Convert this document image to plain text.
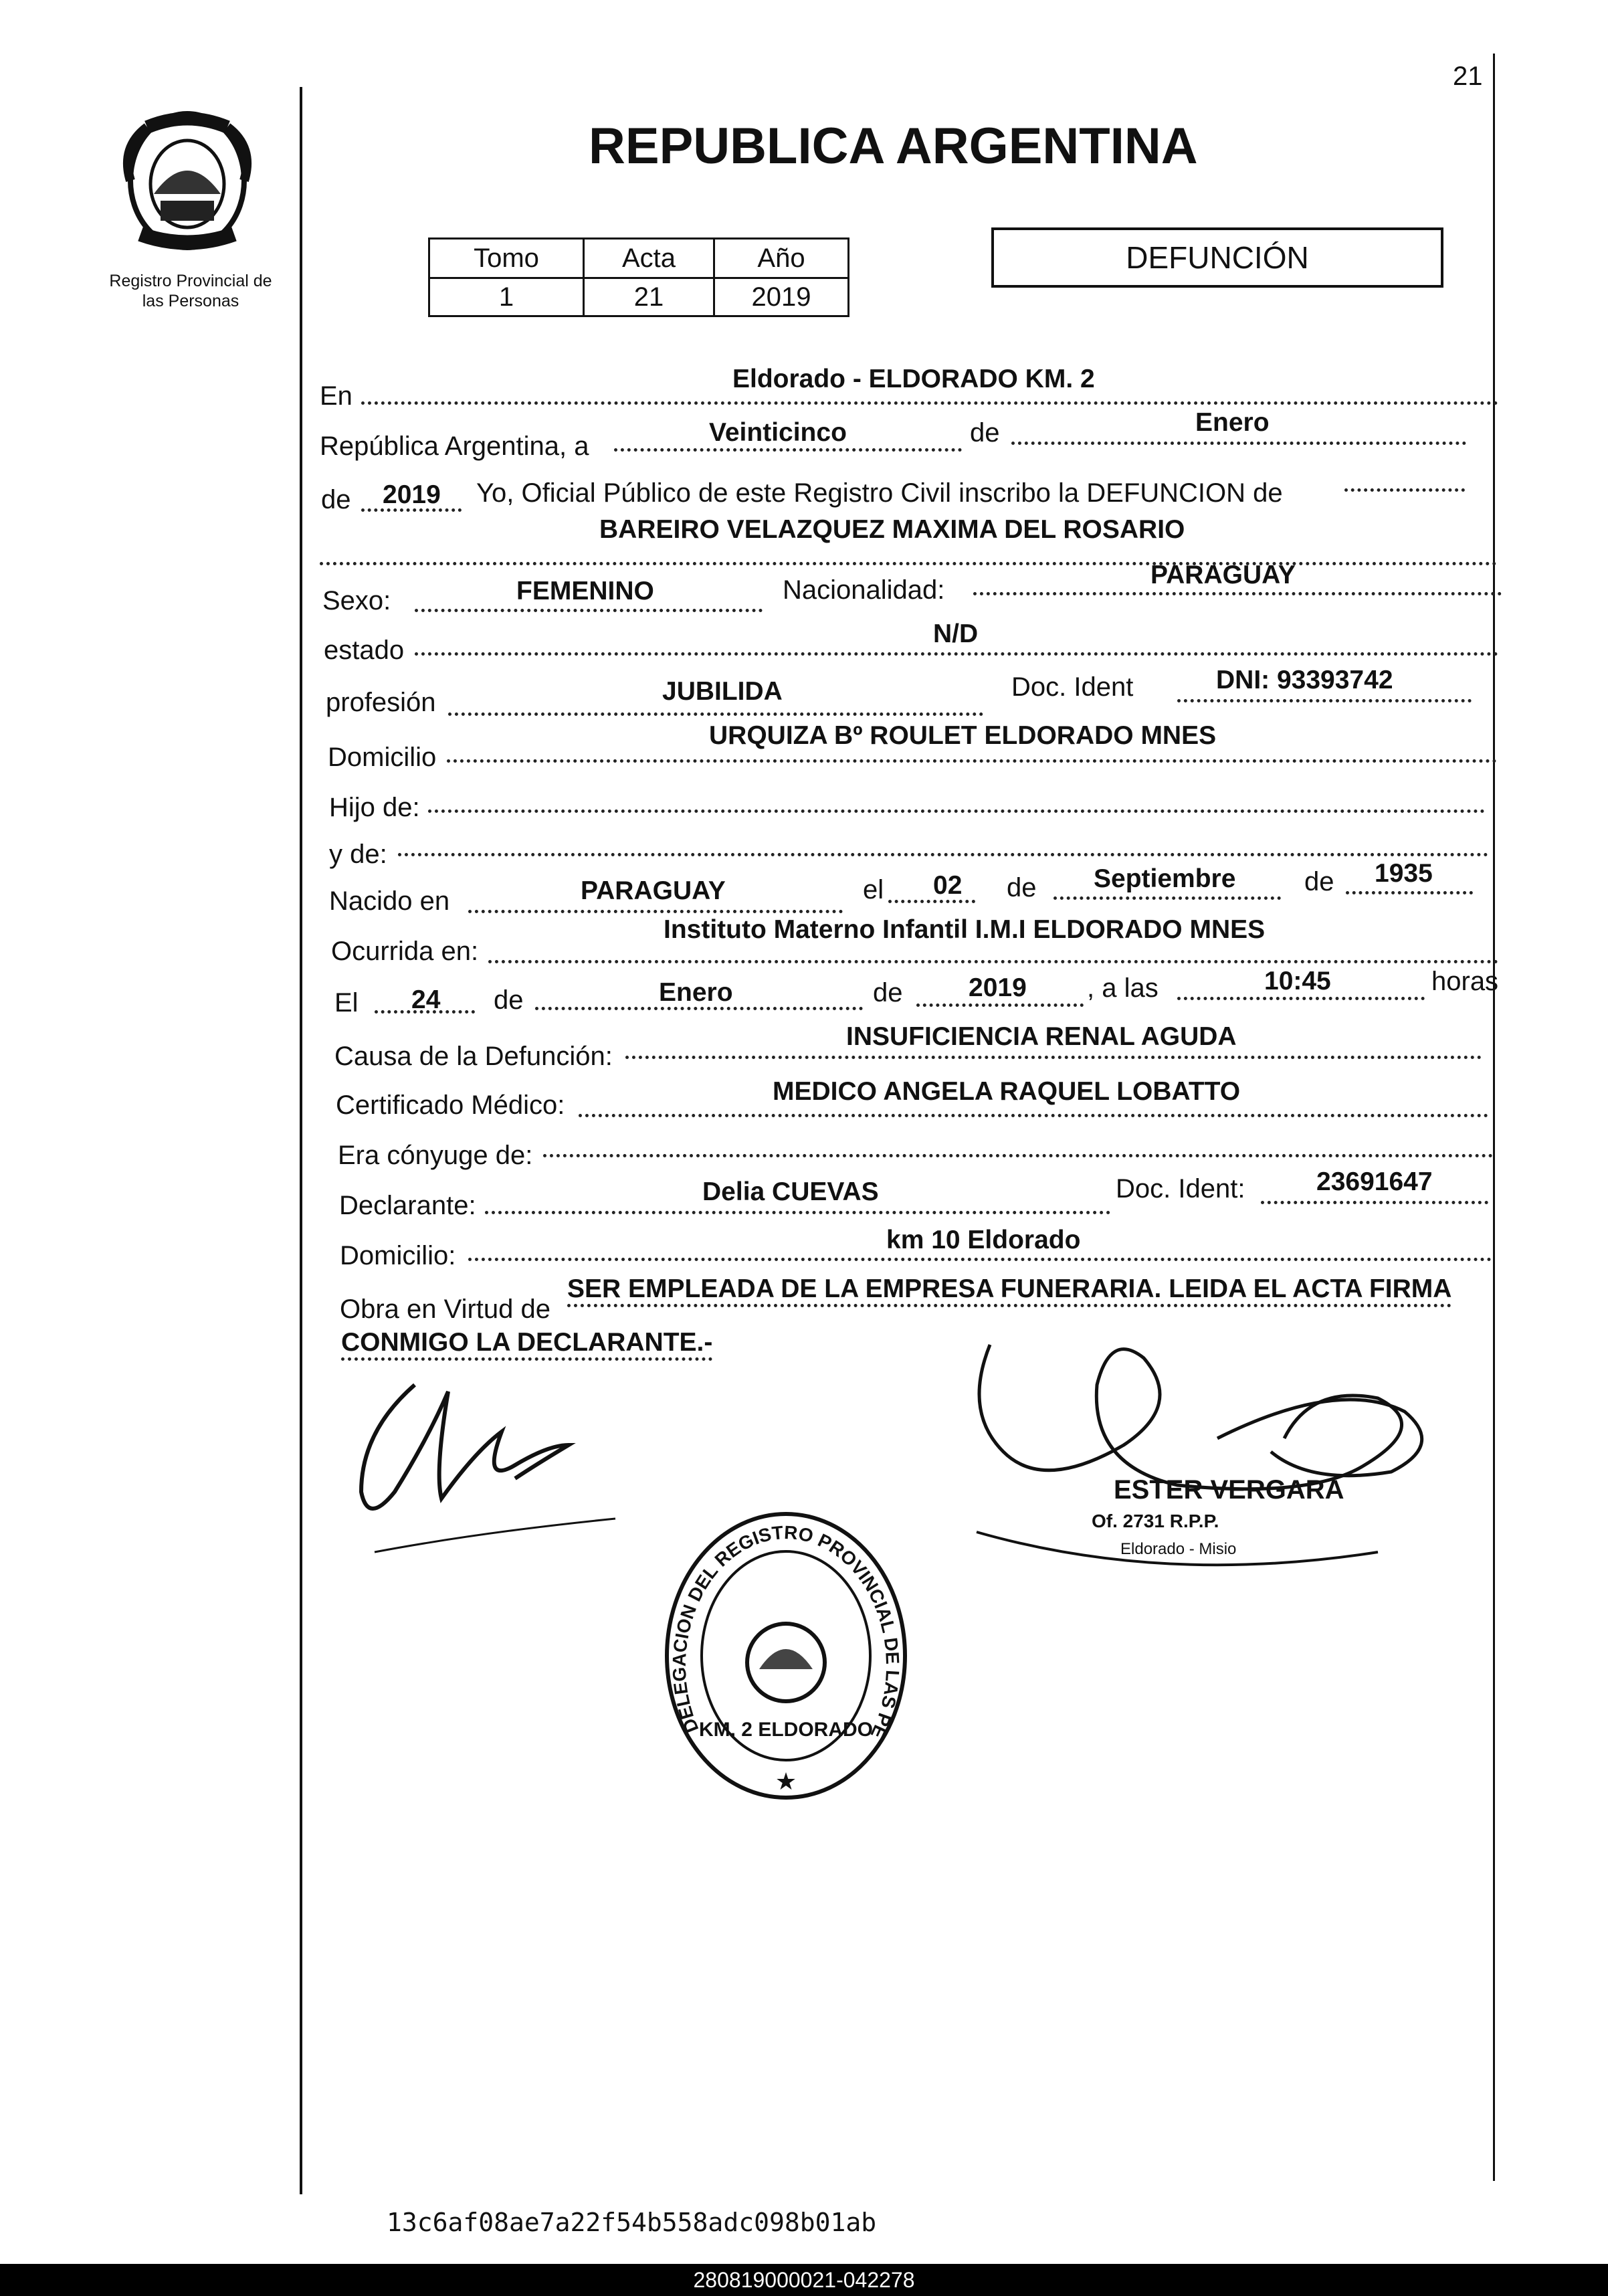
21
Registro Provincial de
las Personas
REPUBLICA ARGENTINA
Tomo	Acta	Año
1	21	2019
DEFUNCIÓN
En
Eldorado - ELDORADO KM. 2
República Argentina, a	Veinticinco	de	Enero
de 2019 Yo, Oficial Público de este Registro Civil inscribo la DEFUNCION de
BAREIRO VELAZQUEZ MAXIMA DEL ROSARIO
Sexo:	FEMENINO	Nacionalidad:
PARAGUAY
estado
N/D
profesión	JUBILIDA	Doc. Ident	DNI: 93393742
Domicilio
URQUIZA Bº ROULET ELDORADO MNES
Hijo de:
y de:
Nacido en	PARAGUAY	el 02 de Septiembre	de 1935
Ocurrida en:
Instituto Materno Infantil I.M.I ELDORADO MNES
El 24 de	Enero	de	2019 , a las	10:45	horas
Causa de la Defunción:
INSUFICIENCIA RENAL AGUDA
Certificado Médico:	MEDICO ANGELA RAQUEL LOBATTO
Era cónyuge de:
Declarante:	Delia CUEVAS	Doc. Ident:	23691647
Domicilio:
km 10 Eldorado
Obra en Virtud de
SER EMPLEADA DE LA EMPRESA FUNERARIA. LEIDA EL ACTA FIRMA
CONMIGO LA DECLARANTE.-
ESTER VERGARA
Of. 2731 R.P.P.
Eldorado - Misio
DELEGACION DEL REGISTRO PROVINCIAL DE LAS PE
KM. 2 ELDORADO
★
13c6af08ae7a22f54b558adc098b01ab
280819000021-042278
